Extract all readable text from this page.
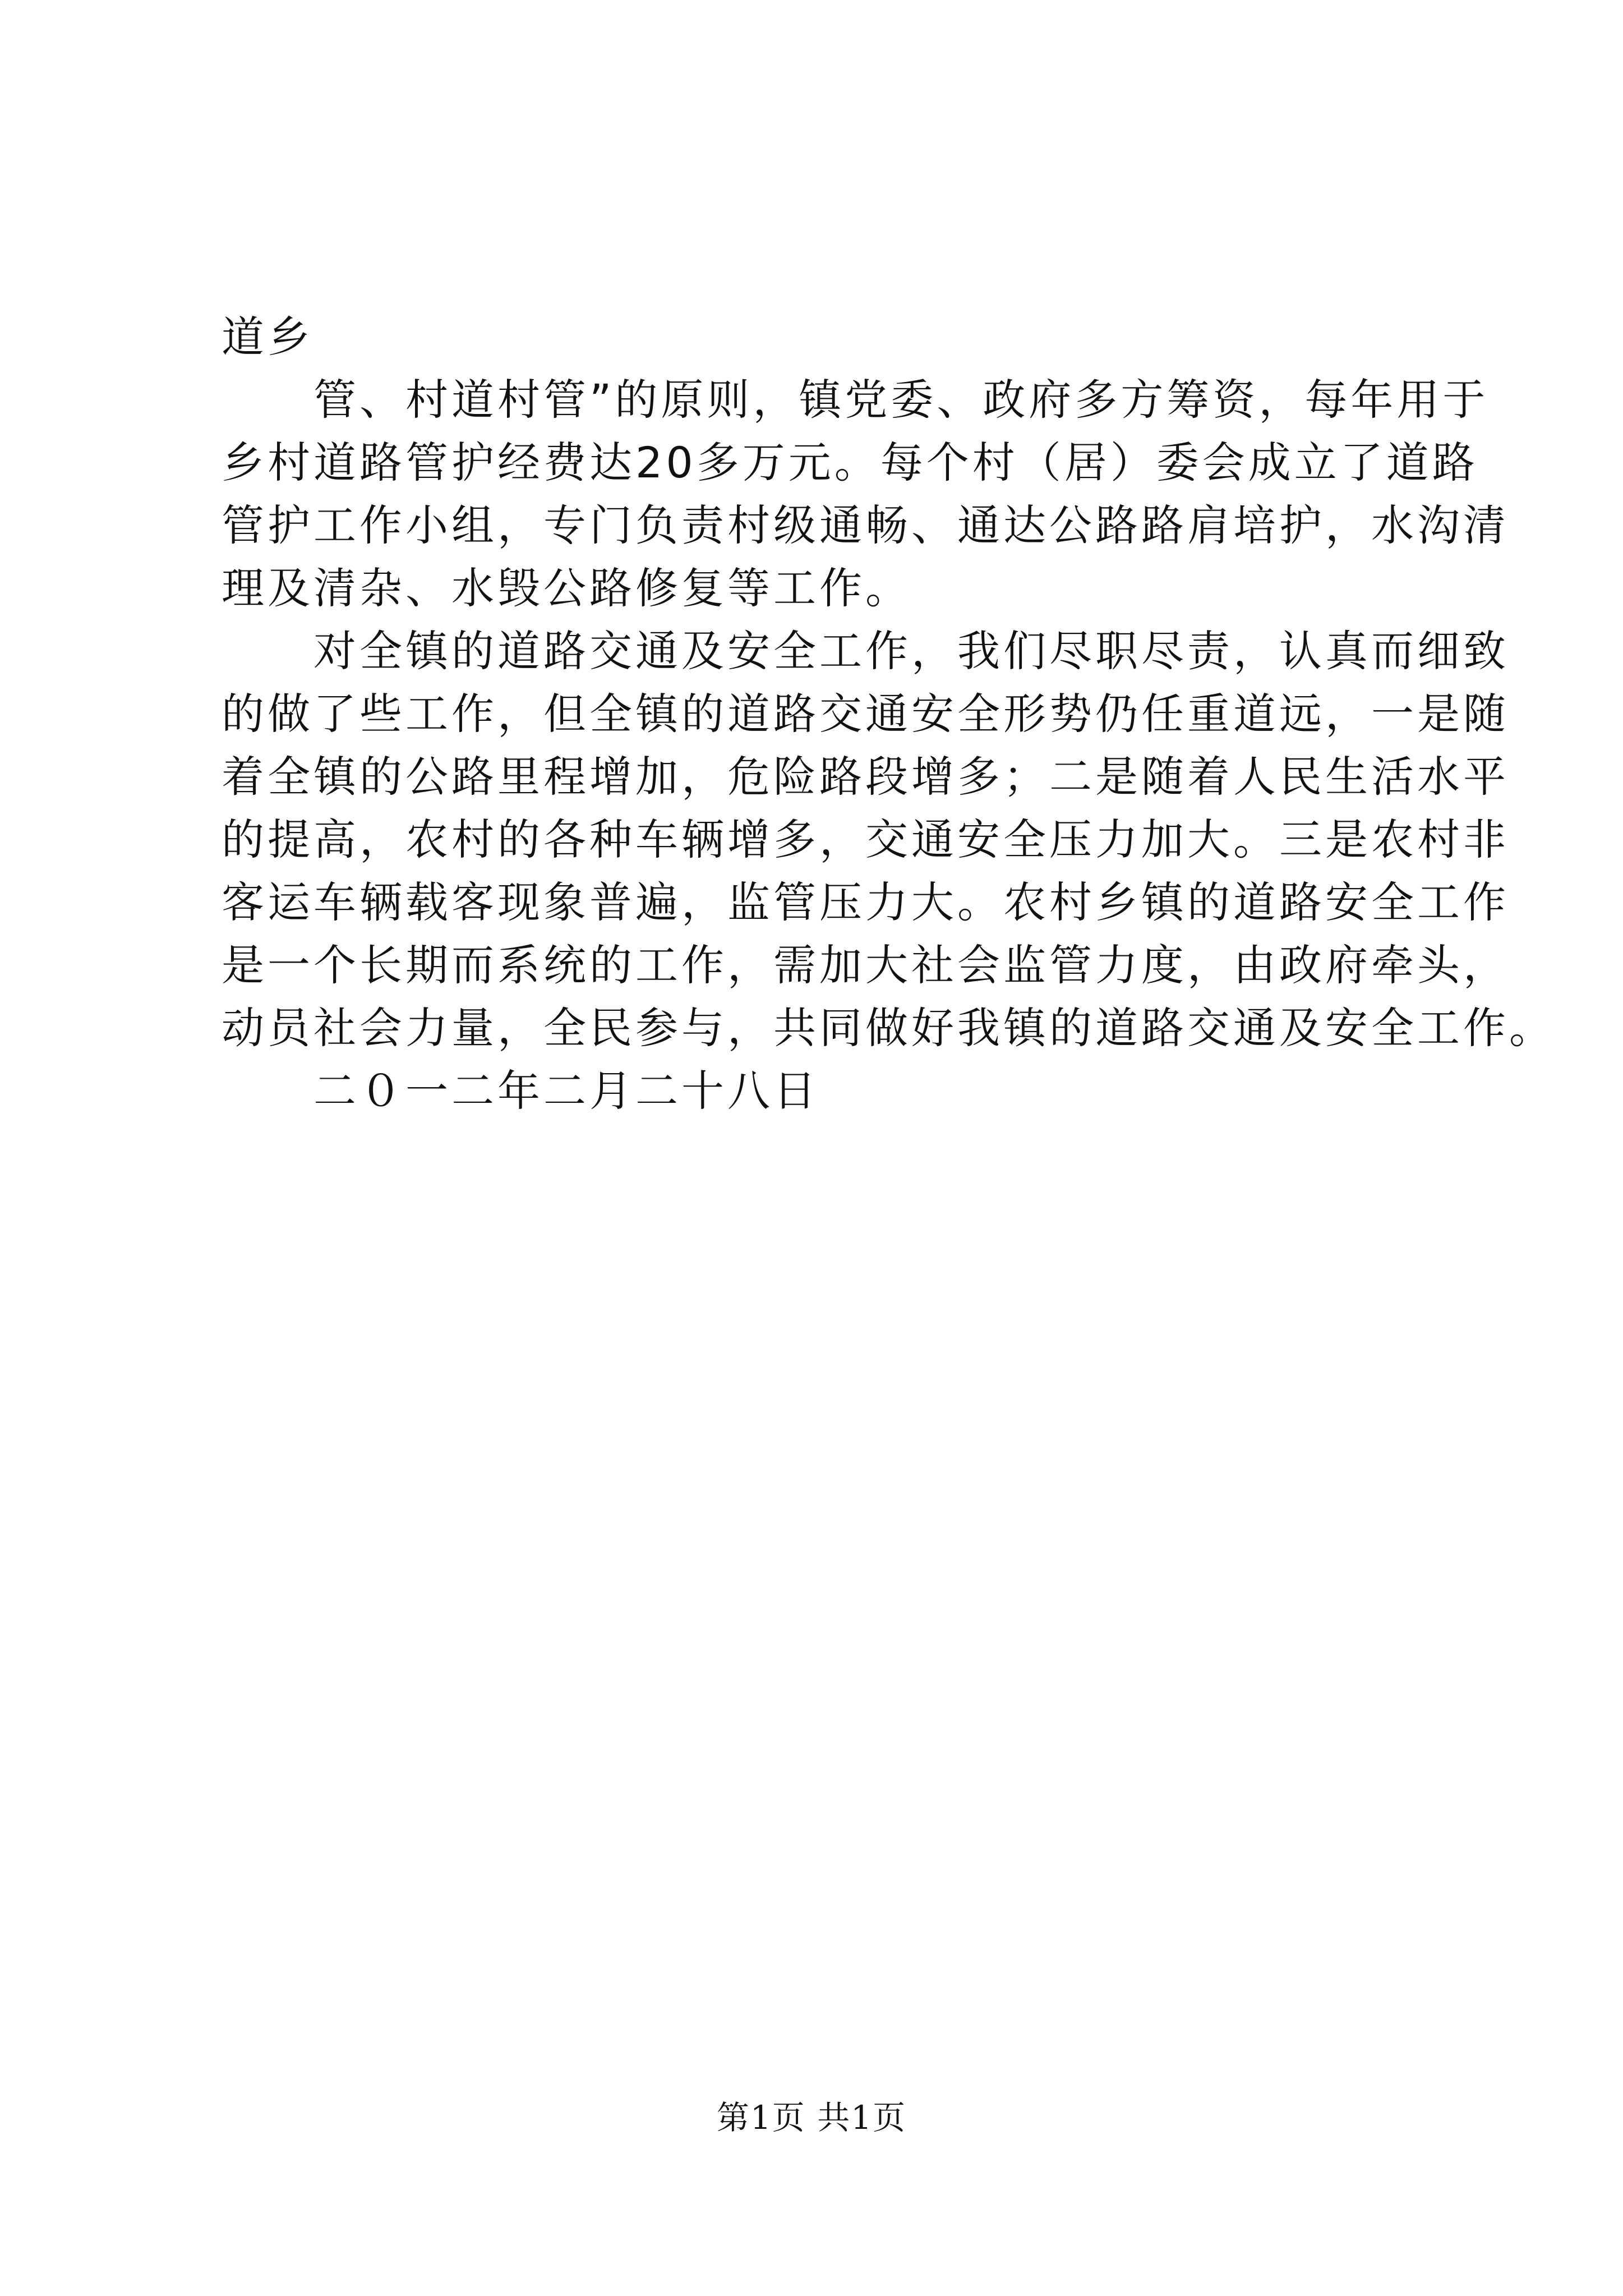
道乡
　　管、村道村管”的原则，镇党委、政府多方筹资，每年用于
乡村道路管护经费达20多万元。每个村（居）委会成立了道路
管护工作小组，专门负责村级通畅、通达公路路肩培护，水沟清
理及清杂、水毁公路修复等工作。
　　对全镇的道路交通及安全工作，我们尽职尽责，认真而细致
的做了些工作，但全镇的道路交通安全形势仍任重道远，一是随
着全镇的公路里程增加，危险路段增多；二是随着人民生活水平
的提高，农村的各种车辆增多，交通安全压力加大。三是农村非
客运车辆载客现象普遍，监管压力大。农村乡镇的道路安全工作
是一个长期而系统的工作，需加大社会监管力度，由政府牵头，
动员社会力量，全民参与，共同做好我镇的道路交通及安全工作。
　　二０一二年二月二十八日
第1页 共1页
